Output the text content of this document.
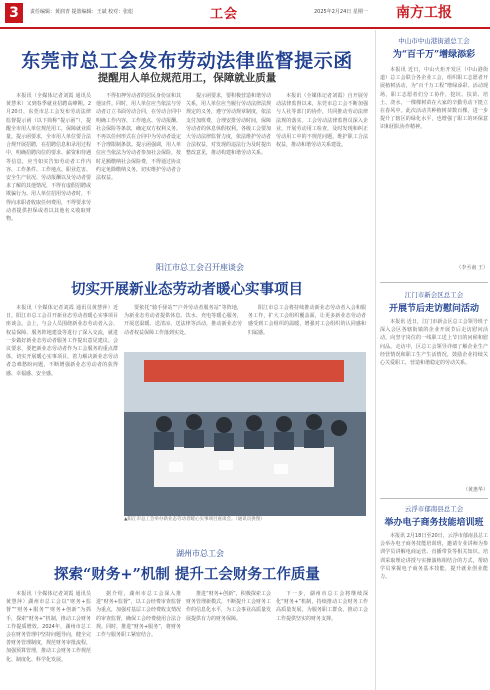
3	责任编辑：黄润青 提篮编辑：王斌 校对：张彪	工会	2025年2月24日 星期一 南方工报
东莞市总工会发布劳动法律监督提示函
提醒用人单位规范用工，保障就业质量

本报讯（全媒体记者刘霞 通讯员黄慧米）又到春季就业招聘高峰期。2月20日，东莞市总工会发布劳动法律监督提示函（以下简称“提示函”），提醒全市用人单位规范用工，保障就业质量。提示函要求，全市用人单位要合法合规开展招聘，在招聘信息和录用过程中，明确招聘岗位的要求、薪资和待遇等信息，应当如实告知劳动者工作内容、工作条件、工作地点、职业危害、安全生产状况、劳动报酬以及劳动者要求了解的其他情况，不得有虚假招聘或欺骗行为。用人单位招用劳动者时，不得向求职者收取任何费用，不得要求劳动者提供担保或者以其他名义收取财物。

不得扣押劳动者的居民身份证和其他证件。同时，用人单位应当依法与劳动者订立书面劳动合同，在劳动合同中明确工作内容、工作地点、劳动报酬、社会保险等条款，确定双方权利义务。不再以任何形式在合同中为劳动者设定不合理限制条款。提示函强调，用人单位应当依法为劳动者参加社会保险，按时足额缴纳社会保险费，不得通过协议约定免除缴纳义务，切实维护劳动者合法权益。

提示函要求，要积极营造和谐劳动关系，用人单位应当履行劳动法律法规规定的义务，遵守劳动规章制度，依法支付加班费，合理安排劳动时间，保障劳动者的休息休假权利。各级工会要加大劳动法律监督力度，依法维护劳动者合法权益，对发现的违法行为及时提出整改意见，推动构建和谐劳动关系。

本报讯（全媒体记者刘霞）自开展劳动法律监督以来，东莞市总工会不断加强与人社等部门的协作，共同推动劳动法律法规的落实。工会劳动法律监督员深入企业，开展劳动用工检查，及时发现和纠正劳动用工中的不规范问题，维护职工合法权益，推动和谐劳动关系建设。

阳江市总工会召开座谈会
切实开展新业态劳动者暖心实事项目

本报讯（全媒体记者刘霞 通讯员黄慧萍）近日，阳江市总工会召开新业态劳动者暖心实事项目座谈会。会上，与会人员围绕新业态劳动者入会、权益保障、服务阵地建设等进行了深入交流，就进一步做好新业态劳动者服务工作提出意见建议。会议要求，要把新业态劳动者作为工会服务的重点群体，切实开展暖心实事项目，着力解决新业态劳动者急难愁盼问题，不断增强新业态劳动者的获得感、幸福感、安全感。

要依托“骑手驿站”“户外劳动者服务站”等阵地，为新业态劳动者提供休息、饮水、充电等暖心服务，开展送温暖、送清凉、送法律等活动，推动新业态劳动者权益保障工作落到实处。

阳江市总工会将持续推动新业态劳动者入会和服务工作，扩大工会组织覆盖面，让更多新业态劳动者感受到工会组织的温暖，增强对工会组织的认同感和归属感。

▲阳江市总工会举办新业态劳动者暖心实事项目座谈会。（通讯员供图）
湖州市总工会
探索“财务+”机制 提升工会财务工作质量

本报讯（全媒体记者刘霞 通讯员黄慧萍）湖州市总工会以“财务+监督”“财务+服务”“财务+创新”为抓手，探索“财务+”机制，推动工会财务工作提质增效。2024年，湖州市总工会在财务管理中坚持问题导向，健全完善财务管理制度，规范财务审批流程，加强预算管理，推动工会财务工作规范化、制度化、科学化发展。

据介绍，湖州市总工会深入推进“财务+监督”，以工会经费审查监督为重点，加强对基层工会经费收支情况的审查监督，确保工会经费使用合法合规。同时，推进“财务+服务”，将财务工作与服务职工紧密结合。

推进“财务+创新”，积极探索工会财务管理新模式，不断提升工会财务工作的信息化水平，为工会事业高质量发展提供有力的财务保障。

下一步，湖州市总工会将继续深化“财务+”机制，持续推动工会财务工作高质量发展，为服务职工群众、推动工会工作提供坚实的财务支撑。

中山市中山港街道总工会
为“百千万”增绿添彩

本报讯 近日，中山火炬开发区（中山港街道）总工会联合各企业工会，组织职工志愿者开展植树活动，为“百千万工程”增绿添彩。活动现场，职工志愿者们分工协作，挖坑、扶苗、培土、浇水，一棵棵树苗在大家的辛勤劳动下挺立在春风中。此次活动共种植树苗数百棵，进一步提升了辖区的绿化水平，也增强了职工的环保意识和团队协作精神。

（李丞南 王）
江门市新会区总工会
开展节后走访慰问活动

本报讯 近日，江门市新会区总工会领导班子深入会区各辖街镇的企业开展节后走访慰问活动，向坚守岗位的一线职工送上节日的问候和慰问品。走访中，区总工会领导详细了解企业生产经营情况和职工生产生活情况，鼓励企业持续关心关爱职工，营造和谐稳定的劳动关系。

（黄惠华）
云浮市郁南县总工会
举办电子商务技能培训班

本报讯 2月18日至20日，云浮市郁南县总工会举办电子商务技能培训班，邀请专业讲师为参训学员讲解电商运营、直播带货等相关知识。培训采取理论讲授与实操演练相结合的方式，帮助学员掌握电子商务基本技能，提升就业创业能力。
